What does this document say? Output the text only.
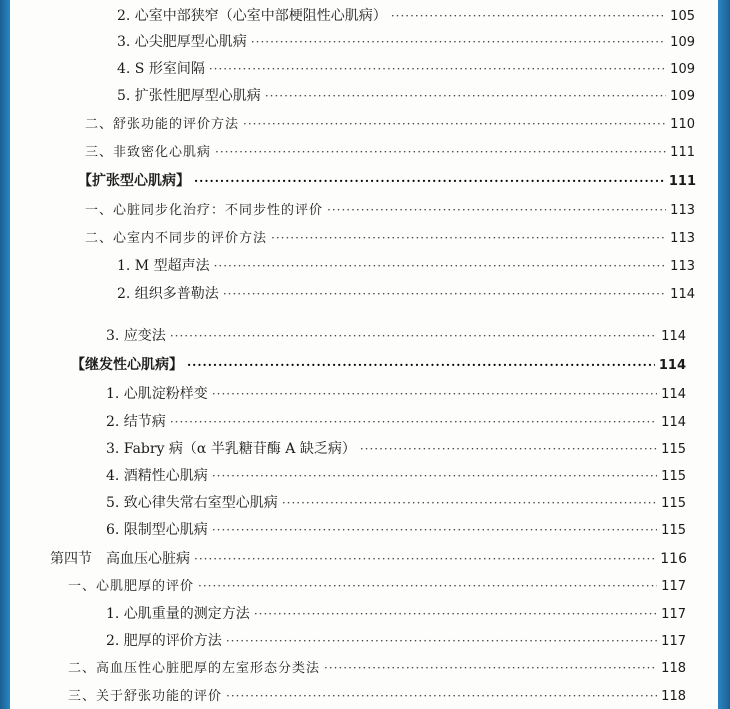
2. 心室中部狭窄（心室中部梗阻性心肌病） ·····	105
3. 心尖肥厚型心肌病 ·····	109
4. S 形室间隔 ·····	109
5. 扩张性肥厚型心肌病 ·····	109
二、舒张功能的评价方法 ·····	110
三、非致密化心肌病 ·····	111
【扩张型心肌病】 ·····	111
一、心脏同步化治疗：不同步性的评价 ·····	113
二、心室内不同步的评价方法 ·····	113
1. M 型超声法 ·····	113
2. 组织多普勒法 ·····	114
3. 应变法 ·····	114
【继发性心肌病】 ·····	114
1. 心肌淀粉样变 ·····	114
2. 结节病 ·····	114
3. Fabry 病（α 半乳糖苷酶 A 缺乏病） ·····	115
4. 酒精性心肌病 ·····	115
5. 致心律失常右室型心肌病 ·····	115
6. 限制型心肌病 ·····	115
第四节　高血压心脏病 ·····	116
一、心肌肥厚的评价 ·····	117
1. 心肌重量的测定方法 ·····	117
2. 肥厚的评价方法 ·····	117
二、高血压性心脏肥厚的左室形态分类法 ·····	118
三、关于舒张功能的评价 ·····	118
